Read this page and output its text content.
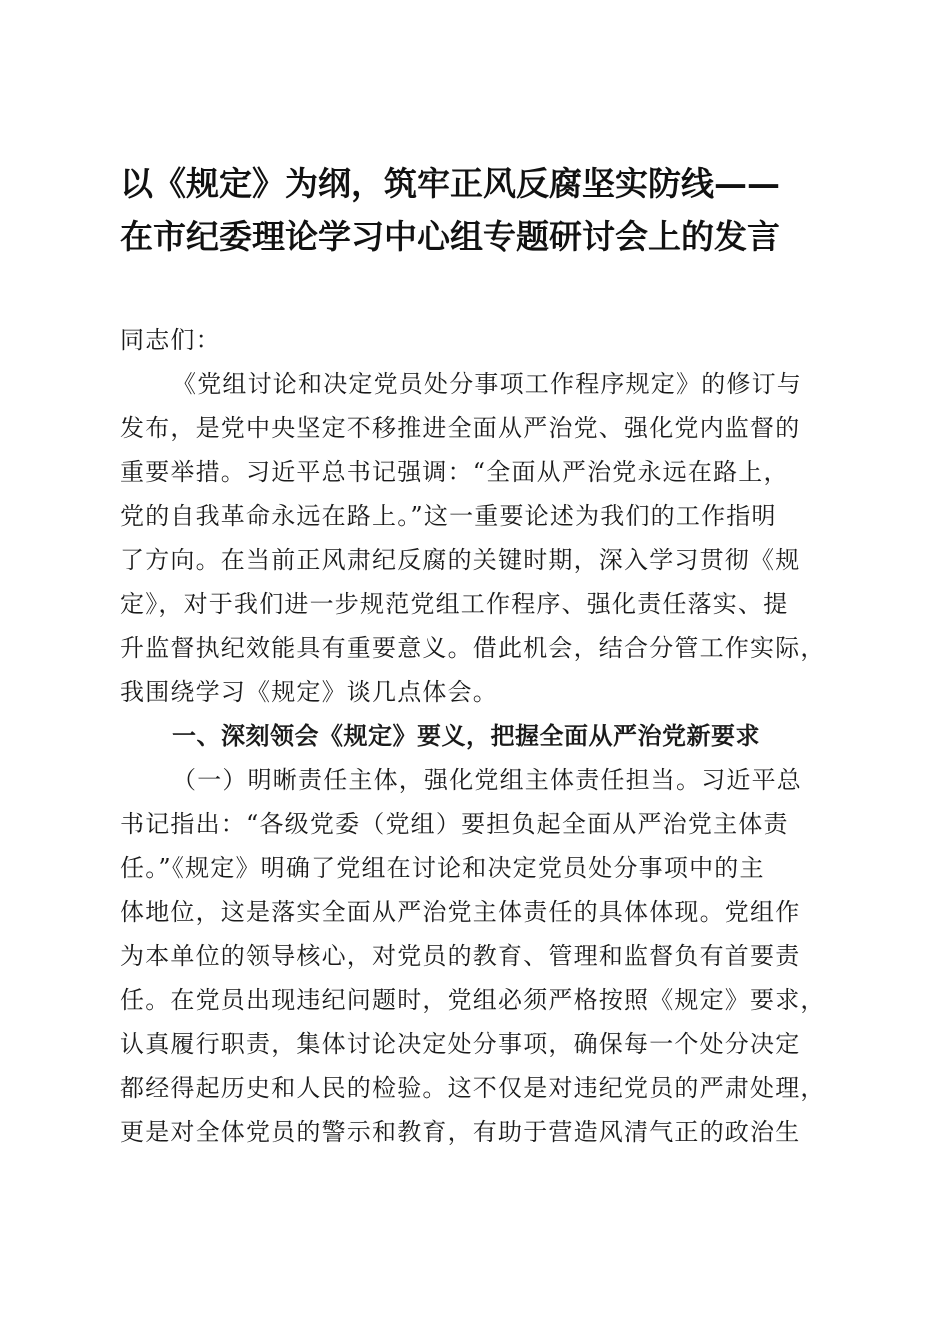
以《规定》为纲，筑牢正风反腐坚实防线——
在市纪委理论学习中心组专题研讨会上的发言
同志们：
《党组讨论和决定党员处分事项工作程序规定》的修订与
发布，是党中央坚定不移推进全面从严治党、强化党内监督的
重要举措。习近平总书记强调：“全面从严治党永远在路上，
党的自我革命永远在路上。”这一重要论述为我们的工作指明
了方向。在当前正风肃纪反腐的关键时期，深入学习贯彻《规
定》，对于我们进一步规范党组工作程序、强化责任落实、提
升监督执纪效能具有重要意义。借此机会，结合分管工作实际，
我围绕学习《规定》谈几点体会。
一、深刻领会《规定》要义，把握全面从严治党新要求
（一）明晰责任主体，强化党组主体责任担当。习近平总
书记指出：“各级党委（党组）要担负起全面从严治党主体责
任。”《规定》明确了党组在讨论和决定党员处分事项中的主
体地位，这是落实全面从严治党主体责任的具体体现。党组作
为本单位的领导核心，对党员的教育、管理和监督负有首要责
任。在党员出现违纪问题时，党组必须严格按照《规定》要求，
认真履行职责，集体讨论决定处分事项，确保每一个处分决定
都经得起历史和人民的检验。这不仅是对违纪党员的严肃处理，
更是对全体党员的警示和教育，有助于营造风清气正的政治生
